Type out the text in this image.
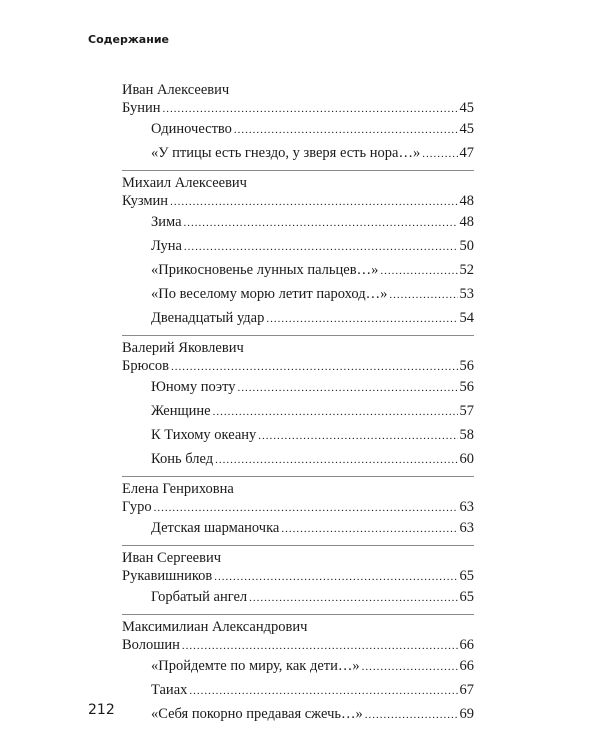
Содержание
Иван Алексеевич
Бунин .....	45
Одиночество .....	45
«У птицы есть гнездо, у зверя есть нора…» .....	47
Михаил Алексеевич
Кузмин .....	48
Зима .....	48
Луна .....	50
«Прикосновенье лунных пальцев…» .....	52
«По веселому морю летит пароход…» .....	53
Двенадцатый удар .....	54
Валерий Яковлевич
Брюсов .....	56
Юному поэту .....	56
Женщине .....	57
К Тихому океану .....	58
Конь блед .....	60
Елена Генриховна
Гуро .....	63
Детская шарманочка .....	63
Иван Сергеевич
Рукавишников .....	65
Горбатый ангел .....	65
Максимилиан Александрович
Волошин .....	66
«Пройдемте по миру, как дети…» .....	66
Таиах .....	67
«Себя покорно предавая сжечь…» .....	69
212
